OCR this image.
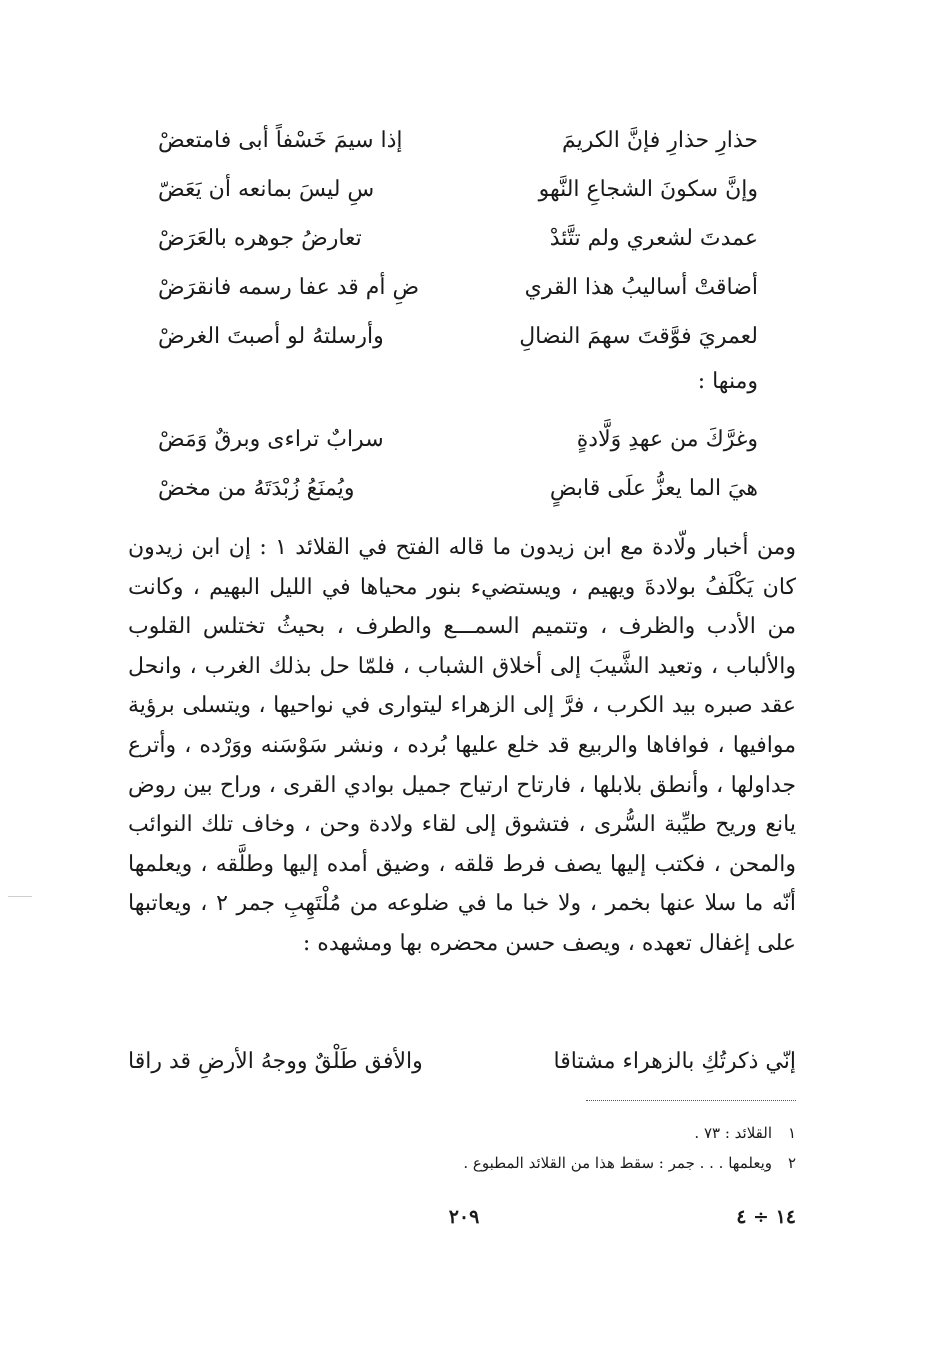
حذارِ حذارِ فإنَّ الكريمَ
إذا سيمَ خَسْفاً أبى فامتعضْ
وإنَّ سكونَ الشجاعِ النَّهو
سِ ليسَ بمانعه أن يَعَضّ
عمدتَ لشعري ولم تتَّئدْ
تعارضُ جوهره بالعَرَضْ
أضاقتْ أساليبُ هذا القري
ضِ أم قد عفا رسمه فانقرَضْ
لعمريَ فوَّقتَ سهمَ النضالِ
وأرسلتهُ لو أصبتَ الغرضْ
ومنها :
وغرَّكَ من عهدِ وَلَّادةٍ
سرابٌ تراءى وبرقٌ وَمَضْ
هيَ الما يعزُّ علَى قابضٍ
ويُمنَعُ زُبْدَتَهُ من مخضْ

ومن أخبار ولّادة مع ابن زيدون ما قاله الفتح في القلائد ١ : إن ابن زيدون كان يَكْلَفُ بولادةَ ويهيم ، ويستضيء بنور محياها في الليل البهيم ، وكانت من الأدب والظرف ، وتتميم السمـــع والطرف ، بحيثُ تختلس القلوب والألباب ، وتعيد الشَّيبَ إلى أخلاق الشباب ، فلمّا حل بذلك الغرب ، وانحل عقد صبره بيد الكرب ، فرَّ إلى الزهراء ليتوارى في نواحيها ، ويتسلى برؤية موافيها ، فوافاها والربيع قد خلع عليها بُرده ، ونشر سَوْسَنه ووَرْده ، وأترع جداولها ، وأنطق بلابلها ، فارتاح ارتياح جميل بوادي القرى ، وراح بين روض يانع وريح طيِّبة السُّرى ، فتشوق إلى لقاء ولادة وحن ، وخاف تلك النوائب والمحن ، فكتب إليها يصف فرط قلقه ، وضيق أمده إليها وطلَّقه ، ويعلمها أنّه ما سلا عنها بخمر ، ولا خبا ما في ضلوعه من مُلْتَهِبِ جمر ٢ ، ويعاتبها على إغفال تعهده ، ويصف حسن محضره بها ومشهده :

إنّي ذكرتُكِ بالزهراء مشتاقا
والأفق طَلْقٌ ووجهُ الأرضِ قد راقا
١
القلائد : ٧٣ .
٢
ويعلمها . . . جمر : سقط هذا من القلائد المطبوع .
١٤ ÷ ٤
٢٠٩
